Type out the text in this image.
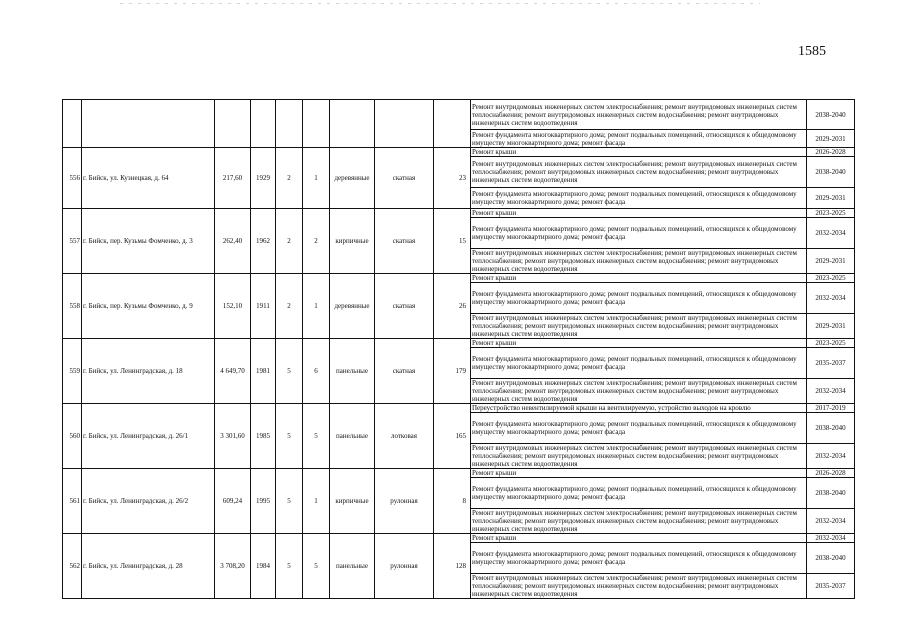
1585
									Ремонт внутридомовых инженерных систем электроснабжения; ремонт внутридомовых инженерных систем теплоснабжения; ремонт внутридомовых инженерных систем водоснабжения; ремонт внутридомовых инженерных систем водоотведения	2038-2040
									Ремонт фундамента многоквартирного дома; ремонт подвальных помещений, относящихся к общедомовому имуществу многоквартирного дома; ремонт фасада	2029-2031
556	г. Бийск, ул. Кузнецкая, д. 64	217,60	1929	2	1	деревянные	скатная	23	Ремонт крыши	2026-2028
									Ремонт внутридомовых инженерных систем электроснабжения; ремонт внутридомовых инженерных систем теплоснабжения; ремонт внутридомовых инженерных систем водоснабжения; ремонт внутридомовых инженерных систем водоотведения	2038-2040
									Ремонт фундамента многоквартирного дома; ремонт подвальных помещений, относящихся к общедомовому имуществу многоквартирного дома; ремонт фасада	2029-2031
557	г. Бийск, пер. Кузьмы Фомченко, д. 3	262,40	1962	2	2	кирпичные	скатная	15	Ремонт крыши	2023-2025
									Ремонт фундамента многоквартирного дома; ремонт подвальных помещений, относящихся к общедомовому имуществу многоквартирного дома; ремонт фасада	2032-2034
									Ремонт внутридомовых инженерных систем электроснабжения; ремонт внутридомовых инженерных систем теплоснабжения; ремонт внутридомовых инженерных систем водоснабжения; ремонт внутридомовых инженерных систем водоотведения	2029-2031
558	г. Бийск, пер. Кузьмы Фомченко, д. 9	152,10	1911	2	1	деревянные	скатная	26	Ремонт крыши	2023-2025
									Ремонт фундамента многоквартирного дома; ремонт подвальных помещений, относящихся к общедомовому имуществу многоквартирного дома; ремонт фасада	2032-2034
									Ремонт внутридомовых инженерных систем электроснабжения; ремонт внутридомовых инженерных систем теплоснабжения; ремонт внутридомовых инженерных систем водоснабжения; ремонт внутридомовых инженерных систем водоотведения	2029-2031
559	г. Бийск, ул. Ленинградская, д. 18	4 649,70	1981	5	6	панельные	скатная	179	Ремонт крыши	2023-2025
									Ремонт фундамента многоквартирного дома; ремонт подвальных помещений, относящихся к общедомовому имуществу многоквартирного дома; ремонт фасада	2035-2037
									Ремонт внутридомовых инженерных систем электроснабжения; ремонт внутридомовых инженерных систем теплоснабжения; ремонт внутридомовых инженерных систем водоснабжения; ремонт внутридомовых инженерных систем водоотведения	2032-2034
560	г. Бийск, ул. Ленинградская, д. 26/1	3 301,60	1985	5	5	панельные	лотковая	165	Переустройство невентилируемой крыши на вентилируемую, устройство выходов на кровлю	2017-2019
									Ремонт фундамента многоквартирного дома; ремонт подвальных помещений, относящихся к общедомовому имуществу многоквартирного дома; ремонт фасада	2038-2040
									Ремонт внутридомовых инженерных систем электроснабжения; ремонт внутридомовых инженерных систем теплоснабжения; ремонт внутридомовых инженерных систем водоснабжения; ремонт внутридомовых инженерных систем водоотведения	2032-2034
561	г. Бийск, ул. Ленинградская, д. 26/2	609,24	1995	5	1	кирпичные	рулонная	8	Ремонт крыши	2026-2028
									Ремонт фундамента многоквартирного дома; ремонт подвальных помещений, относящихся к общедомовому имуществу многоквартирного дома; ремонт фасада	2038-2040
									Ремонт внутридомовых инженерных систем электроснабжения; ремонт внутридомовых инженерных систем теплоснабжения; ремонт внутридомовых инженерных систем водоснабжения; ремонт внутридомовых инженерных систем водоотведения	2032-2034
562	г. Бийск, ул. Ленинградская, д. 28	3 708,20	1984	5	5	панельные	рулонная	128	Ремонт крыши	2032-2034
									Ремонт фундамента многоквартирного дома; ремонт подвальных помещений, относящихся к общедомовому имуществу многоквартирного дома; ремонт фасада	2038-2040
									Ремонт внутридомовых инженерных систем электроснабжения; ремонт внутридомовых инженерных систем теплоснабжения; ремонт внутридомовых инженерных систем водоснабжения; ремонт внутридомовых инженерных систем водоотведения	2035-2037
